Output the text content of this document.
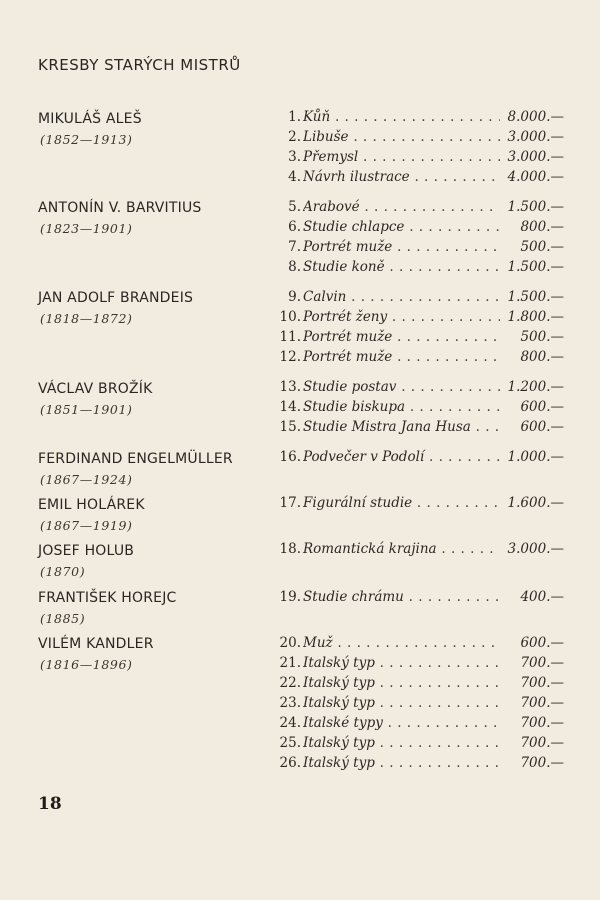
KRESBY STARÝCH MISTRŮ
MIKULÁŠ ALEŠ
(1852—1913)
1. Kůň . . .	8.000.—
2. Libuše . . .	3.000.—
3. Přemysl . . .	3.000.—
4. Návrh ilustrace . . .	4.000.—
ANTONÍN V. BARVITIUS
(1823—1901)
5. Arabové . . .	1.500.—
6. Studie chlapce . . .	800.—
7. Portrét muže . . .	500.—
8. Studie koně . . .	1.500.—
JAN ADOLF BRANDEIS
(1818—1872)
9. Calvin . . .	1.500.—
10. Portrét ženy . . .	1.800.—
11. Portrét muže . . .	500.—
12. Portrét muže . . .	800.—
VÁCLAV BROŽÍK
(1851—1901)
13. Studie postav . . .	1.200.—
14. Studie biskupa . . .	600.—
15. Studie Mistra Jana Husa . . .	600.—
FERDINAND ENGELMÜLLER
(1867—1924)
16. Podvečer v Podolí . . .	1.000.—
EMIL HOLÁREK
(1867—1919)
17. Figurální studie . . .	1.600.—
JOSEF HOLUB
(1870)
18. Romantická krajina . . .	3.000.—
FRANTIŠEK HOREJC
(1885)
19. Studie chrámu . . .	400.—
VILÉM KANDLER
(1816—1896)
20. Muž . . .	600.—
21. Italský typ . . .	700.—
22. Italský typ . . .	700.—
23. Italský typ . . .	700.—
24. Italské typy . . .	700.—
25. Italský typ . . .	700.—
26. Italský typ . . .	700.—
18
